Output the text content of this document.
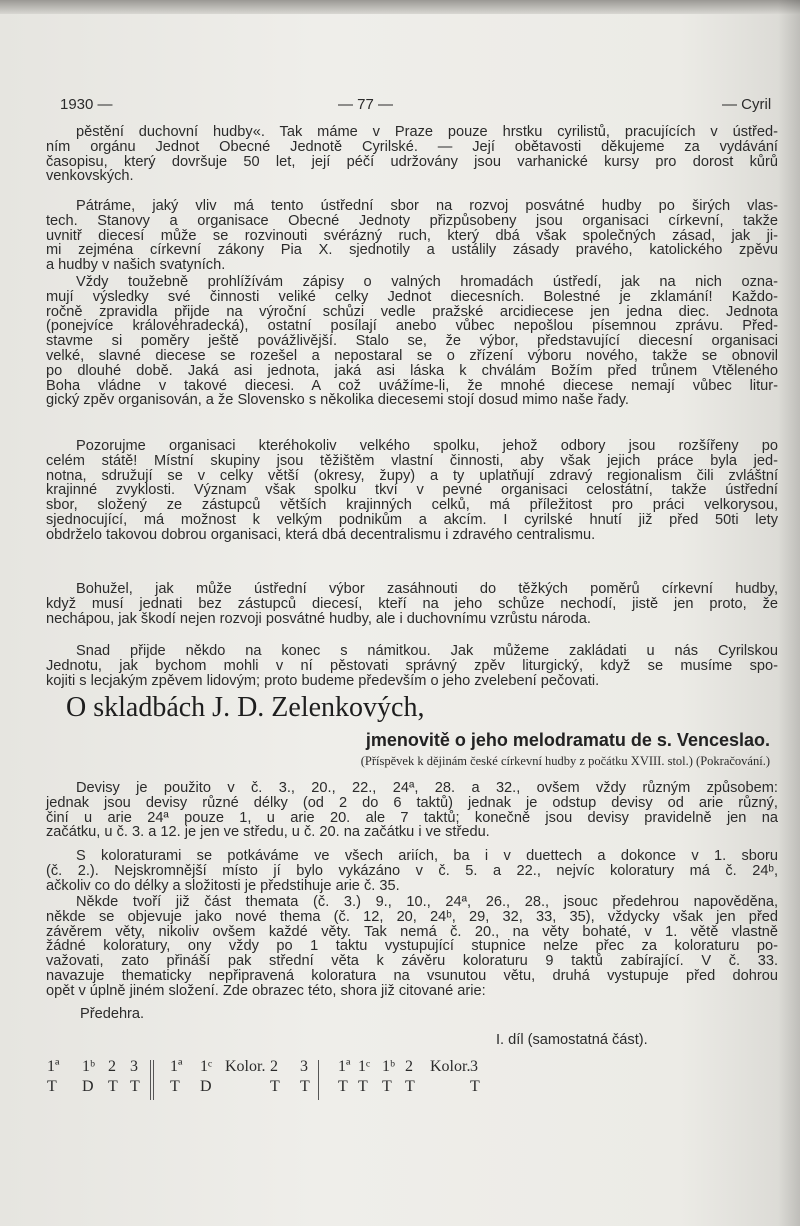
1930 —	— 77 —	— Cyril
pěstění duchovní hudby«. Tak máme v Praze pouze hrstku cyrilistů, pracujících v ústřed-
ním orgánu Jednot Obecné Jednotě Cyrilské. — Její obětavosti děkujeme za vydávání
časopisu, který dovršuje 50 let, její péčí udržovány jsou varhanické kursy pro dorost kůrů
venkovských.
Pátráme, jaký vliv má tento ústřední sbor na rozvoj posvátné hudby po širých vlas-
tech. Stanovy a organisace Obecné Jednoty přizpůsobeny jsou organisaci církevní, takže
uvnitř diecesí může se rozvinouti svérázný ruch, který dbá však společných zásad, jak ji-
mi zejména církevní zákony Pia X. sjednotily a ustálily zásady pravého, katolického zpěvu
a hudby v našich svatyních.
Vždy toužebně prohlížívám zápisy o valných hromadách ústředí, jak na nich ozna-
mují výsledky své činnosti veliké celky Jednot diecesních. Bolestné je zklamání! Každo-
ročně zpravidla přijde na výroční schůzi vedle pražské arcidiecese jen jedna diec. Jednota
(ponejvíce královéhradecká), ostatní posílají anebo vůbec nepošlou písemnou zprávu. Před-
stavme si poměry ještě povážlivější. Stalo se, že výbor, představující diecesní organisaci
velké, slavné diecese se rozešel a nepostaral se o zřízení výboru nového, takže se obnovil
po dlouhé době. Jaká asi jednota, jaká asi láska k chválám Božím před trůnem Vtěleného
Boha vládne v takové diecesi. A což uvážíme-li, že mnohé diecese nemají vůbec litur-
gický zpěv organisován, a že Slovensko s několika diecesemi stojí dosud mimo naše řady.
Pozorujme organisaci kteréhokoliv velkého spolku, jehož odbory jsou rozšířeny po
celém státě! Místní skupiny jsou těžištěm vlastní činnosti, aby však jejich práce byla jed-
notna, sdružují se v celky větší (okresy, župy) a ty uplatňují zdravý regionalism čili zvláštní
krajinné zvyklosti. Význam však spolku tkví v pevné organisaci celostátní, takže ústřední
sbor, složený ze zástupců větších krajinných celků, má příležitost pro práci velkorysou,
sjednocující, má možnost k velkým podnikům a akcím. I cyrilské hnutí již před 50ti lety
obdrželo takovou dobrou organisaci, která dbá decentralismu i zdravého centralismu.
Bohužel, jak může ústřední výbor zasáhnouti do těžkých poměrů církevní hudby,
když musí jednati bez zástupců diecesí, kteří na jeho schůze nechodí, jistě jen proto, že
nechápou, jak škodí nejen rozvoji posvátné hudby, ale i duchovnímu vzrůstu národa.
Snad přijde někdo na konec s námitkou. Jak můžeme zakládati u nás Cyrilskou
Jednotu, jak bychom mohli v ní pěstovati správný zpěv liturgický, když se musíme spo-
kojiti s lecjakým zpěvem lidovým; proto budeme především o jeho zvelebení pečovati.
O skladbách J. D. Zelenkových,
jmenovitě o jeho melodramatu de s. Venceslao.
(Příspěvek k dějinám české církevní hudby z počátku XVIII. stol.) (Pokračování.)
Devisy je použito v č. 3., 20., 22., 24ª, 28. a 32., ovšem vždy různým způsobem:
jednak jsou devisy různé délky (od 2 do 6 taktů) jednak je odstup devisy od arie různý,
činí u arie 24ª pouze 1, u arie 20. ale 7 taktů; konečně jsou devisy pravidelně jen na
začátku, u č. 3. a 12. je jen ve středu, u č. 20. na začátku i ve středu.
S koloraturami se potkáváme ve všech ariích, ba i v duettech a dokonce v 1. sboru
(č. 2.). Nejskromnější místo jí bylo vykázáno v č. 5. a 22., nejvíc koloratury má č. 24ᵇ,
ačkoliv co do délky a složitosti je předstihuje arie č. 35.
Někde tvoří již část themata (č. 3.) 9., 10., 24ª, 26., 28., jsouc předehrou napověděna,
někde se objevuje jako nové thema (č. 12, 20, 24ᵇ, 29, 32, 33, 35), vždycky však jen před
závěrem věty, nikoliv ovšem každé věty. Tak nemá č. 20., na věty bohaté, v 1. větě vlastně
žádné koloratury, ony vždy po 1 taktu vystupující stupnice nelze přec za koloraturu po-
važovati, zato přináší pak střední věta k závěru koloraturu 9 taktů zabírající. V č. 33.
navazuje thematicky nepřipravená koloratura na vsunutou větu, druhá vystupuje před dohrou
opět v úplně jiném složení. Zde obrazec této, shora již citované arie:
Předehra.
I. díl (samostatná část).
1ª
T
1ᵇ
D
2
T
3
T
1ª
T
1ᶜ
D
Kolor. 2
T
3
T
1ª
T
1ᶜ
T
1ᵇ
T
2
T
Kolor. 3
T
